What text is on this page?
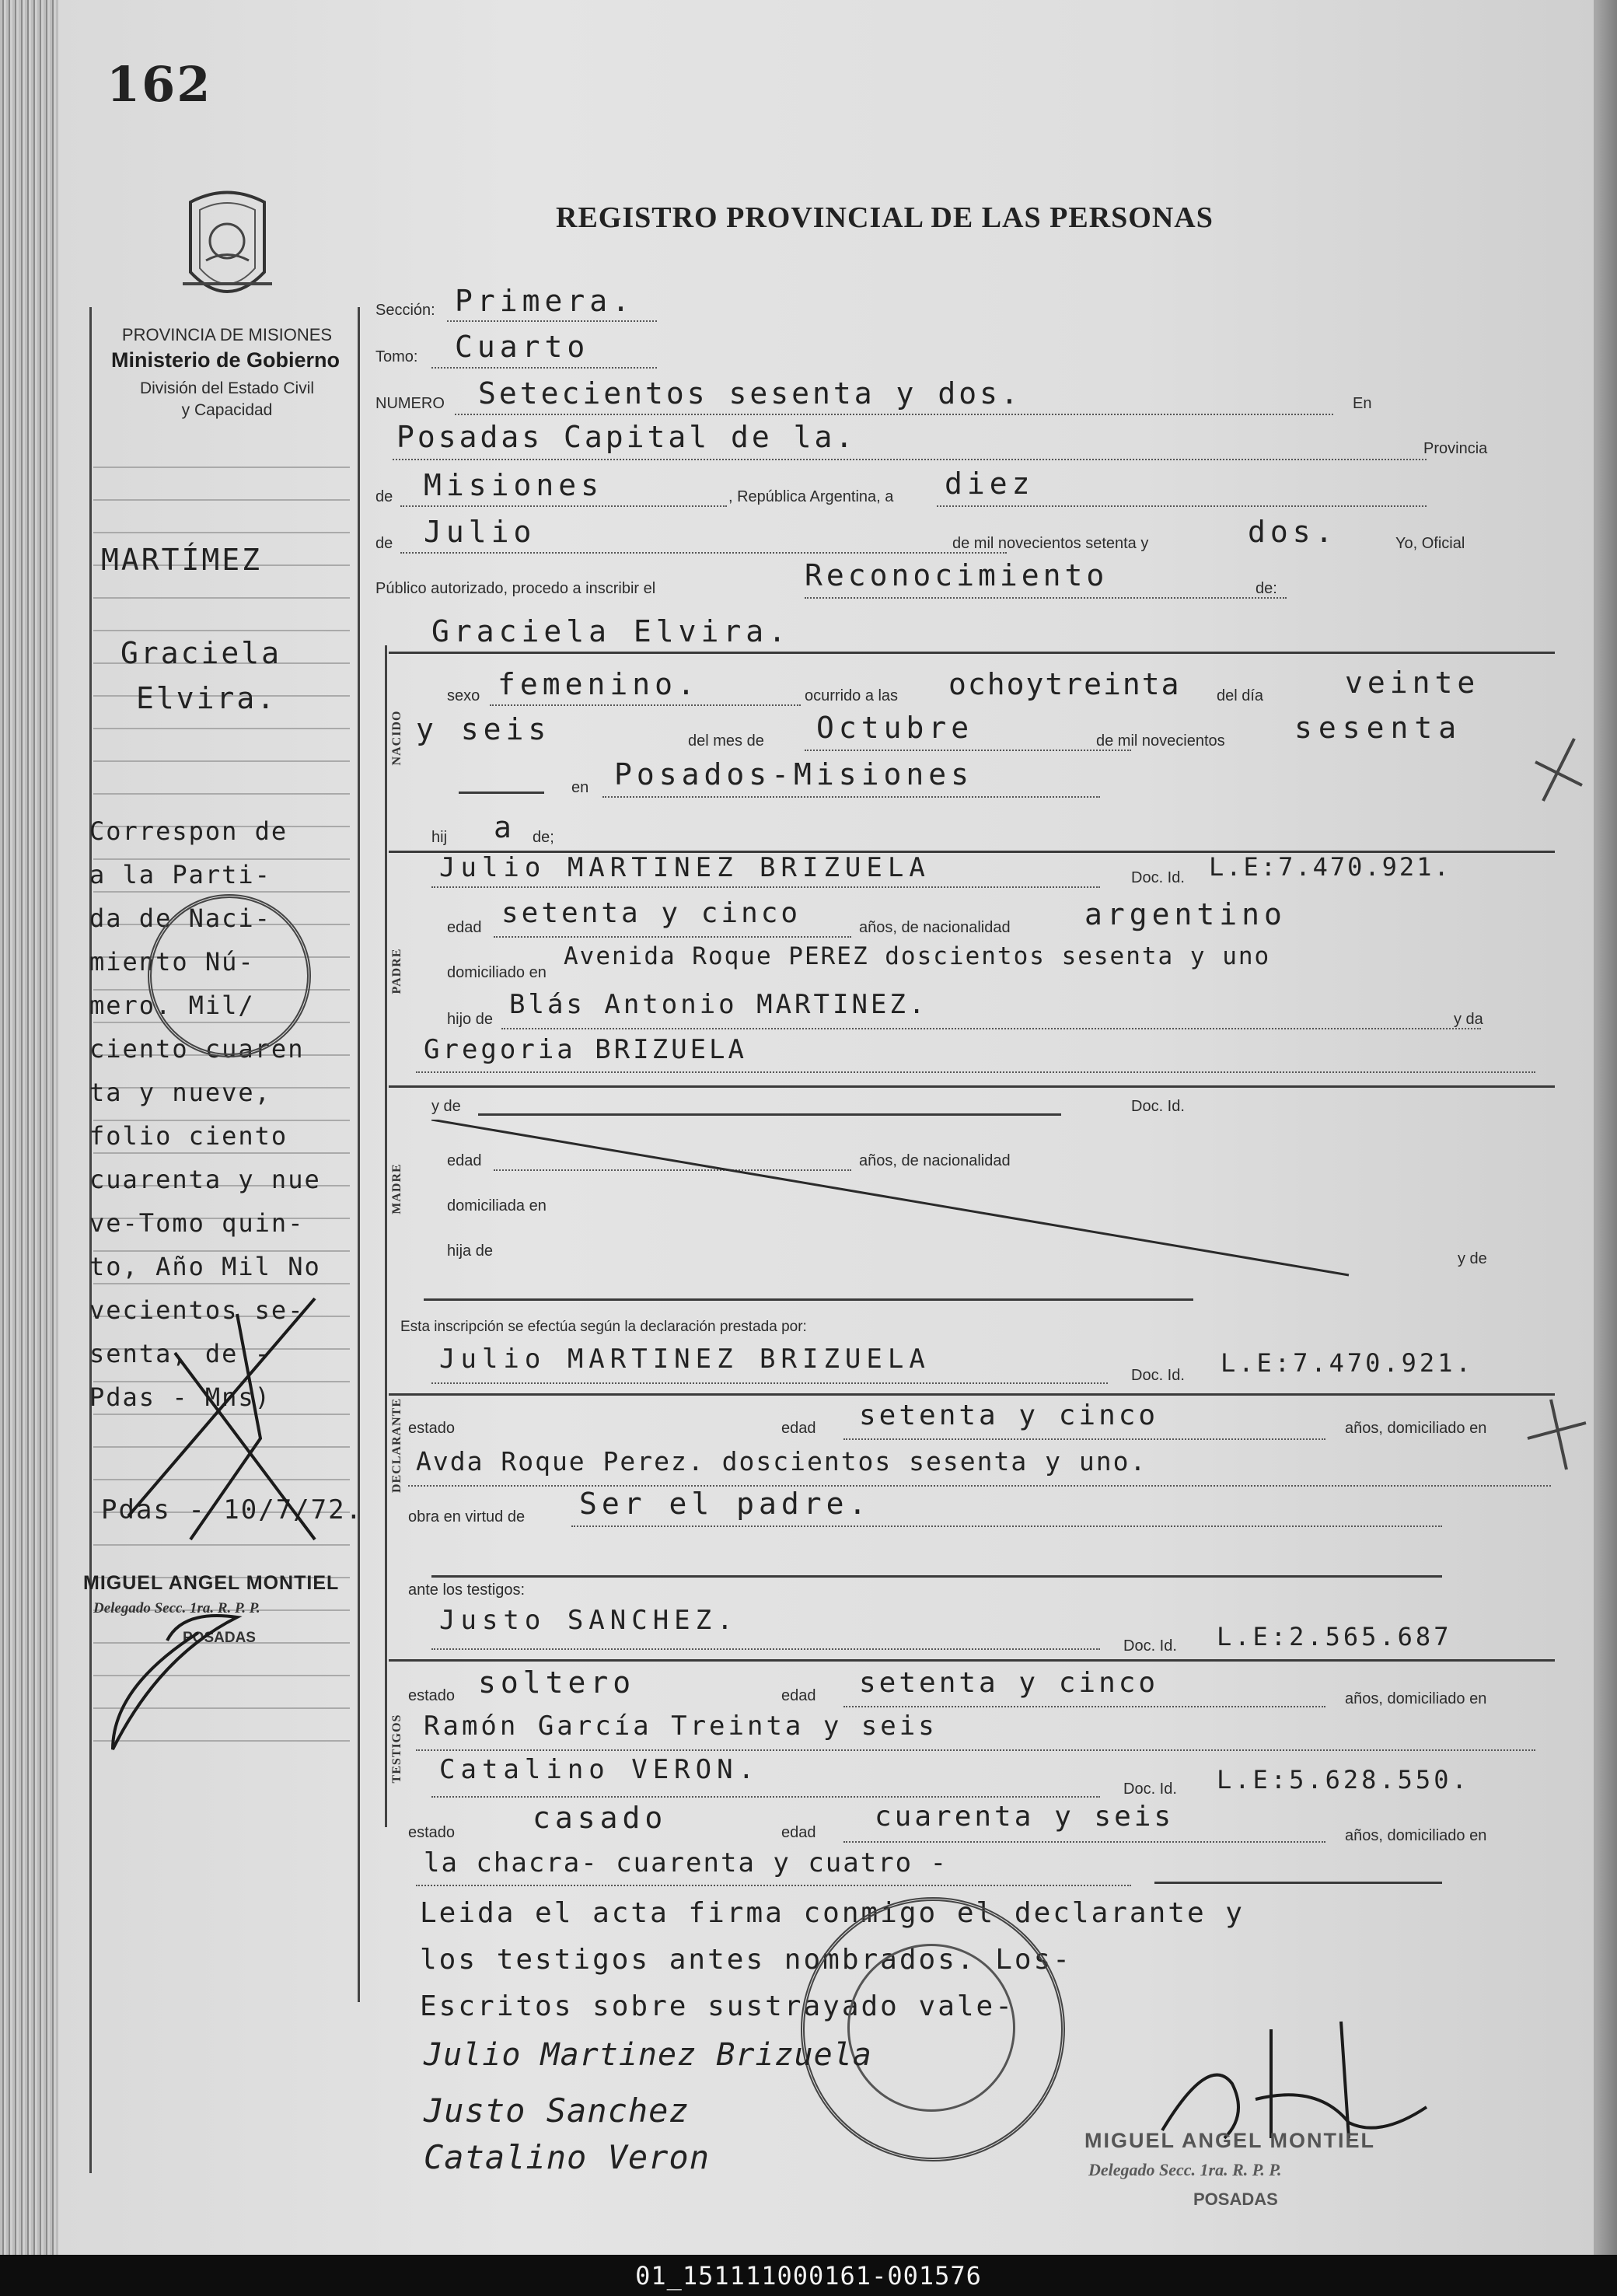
162
REGISTRO PROVINCIAL DE LAS PERSONAS
PROVINCIA DE MISIONES
Ministerio de Gobierno
División del Estado Civil
y Capacidad
MARTÍMEZ
Graciela
Elvira.
Correspon de
a la Parti-
da de Naci-
miento Nú-
mero. Mil/
ciento cuaren
ta y nueve,
folio ciento
cuarenta y nue
ve-Tomo quin-
to, Año Mil No
vecientos se-
senta, de -
Pdas - Mns)
Pdas - 10/7/72.
MIGUEL ANGEL MONTIEL
Delegado Secc. 1ra. R. P. P.
POSADAS
Sección: Primera.
Tomo: Cuarto
NUMERO Setecientos sesenta y dos.	En
Posadas Capital de la.	Provincia
de Misiones	, República Argentina, a diez
de Julio	de mil novecientos setenta y	dos.	Yo, Oficial
Público autorizado, procedo a inscribir el	Reconocimiento	de:
Graciela Elvira.
NACIDO
sexo femenino.	ocurrido a las ochoytreinta del día	veinte
y seis	del mes de Octubre	de mil novecientos sesenta
en Posados-Misiones
hij a de;
PADRE
Julio MARTINEZ BRIZUELA	Doc. Id. L.E:7.470.921.
edad setenta y cinco	años, de nacionalidad	argentino
domiciliado en
Avenida Roque PEREZ doscientos sesenta y uno
hijo de Blás Antonio MARTINEZ.	y da
Gregoria BRIZUELA
MADRE
y de	Doc. Id.
edad	años, de nacionalidad
domiciliada en
hija de	y de
Esta inscripción se efectúa según la declaración prestada por:
DECLARANTE
Julio MARTINEZ BRIZUELA
Doc. Id. L.E:7.470.921.
estado	edad setenta y cinco	años, domiciliado en
Avda Roque Perez. doscientos sesenta y uno.
obra en virtud de Ser el padre.
ante los testigos:
TESTIGOS
Justo SANCHEZ.
Doc. Id. L.E:2.565.687
estado soltero	edad setenta y cinco	años, domiciliado en
Ramón García Treinta y seis
Catalino VERON.
Doc. Id. L.E:5.628.550.
estado	casado	edad cuarenta y seis
años, domiciliado en
la chacra- cuarenta y cuatro -
Leida el acta firma conmigo el declarante y
los testigos antes nombrados. Los-
Escritos sobre sustrayado vale-
Julio Martinez Brizuela
Justo Sanchez
Catalino Veron	MIGUEL ANGEL MONTIEL
Delegado Secc. 1ra. R. P. P.
POSADAS
01_151111000161-001576
